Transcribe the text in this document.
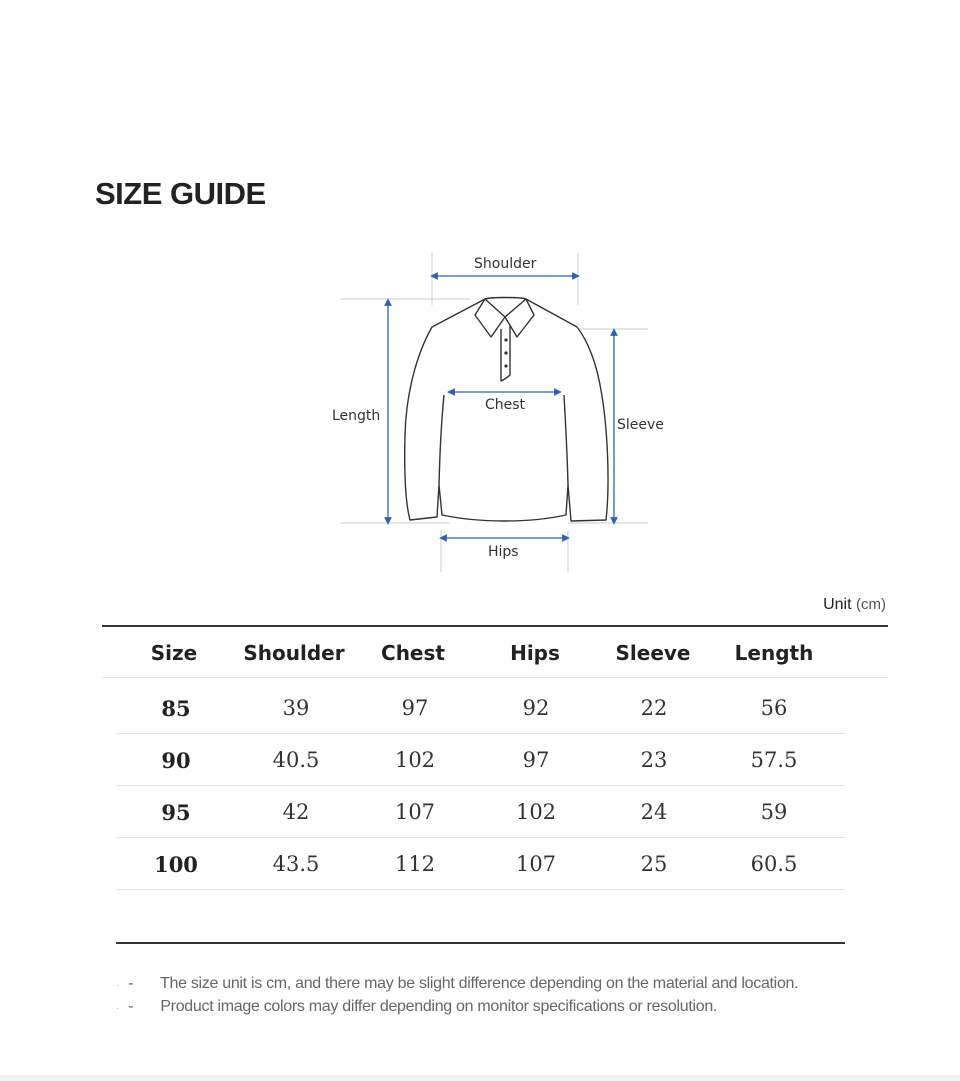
SIZE GUIDE
Shoulder
Chest
Length
Sleeve
Hips
Unit (cm)
Size	Shoulder	Chest	Hips	Sleeve	Length
85	39	97	92	22	56
90	40.5	102	97	23	57.5
95	42	107	102	24	59
100	43.5	112	107	25	60.5
· - The size unit is cm, and there may be slight difference depending on the material and location.
· - Product image colors may differ depending on monitor specifications or resolution.
